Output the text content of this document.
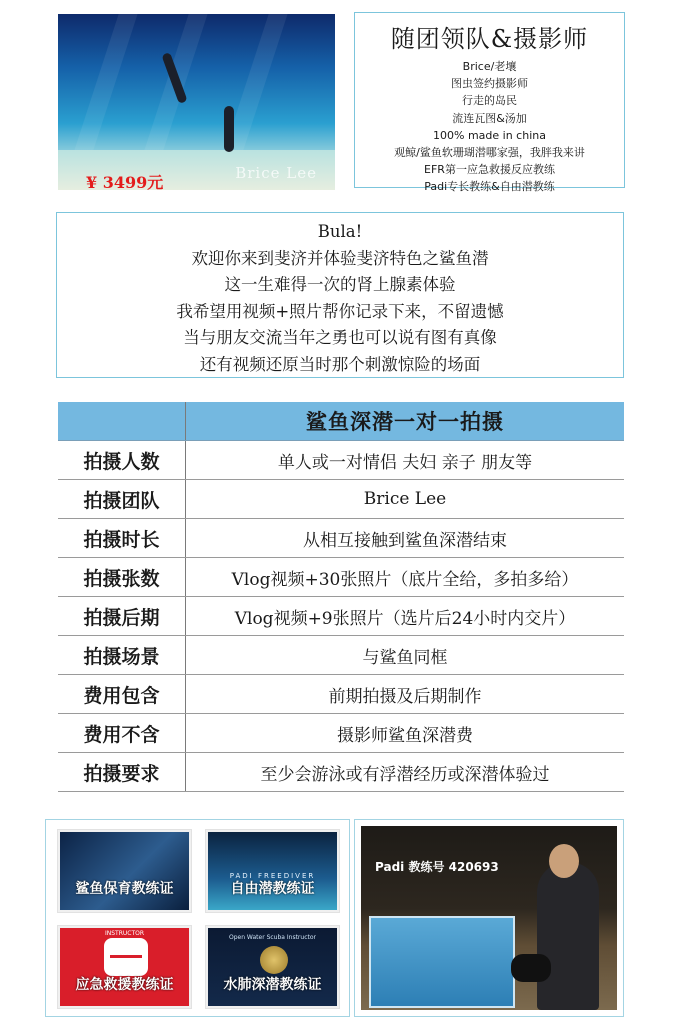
¥ 3499元	Brice Lee
随团领队&摄影师
Brice/老壤
图虫签约摄影师
行走的岛民
流连瓦图&汤加
100% made in china
观鲸/鲨鱼软珊瑚潜哪家强，我胖我来讲
EFR第一应急救援反应教练
Padi专长教练&自由潜教练
Bula!
欢迎你来到斐济并体验斐济特色之鲨鱼潜
这一生难得一次的肾上腺素体验
我希望用视频+照片帮你记录下来，不留遗憾
当与朋友交流当年之勇也可以说有图有真像
还有视频还原当时那个刺激惊险的场面
	鲨鱼深潜一对一拍摄
拍摄人数	单人或一对情侣 夫妇 亲子 朋友等
拍摄团队	Brice Lee
拍摄时长	从相互接触到鲨鱼深潜结束
拍摄张数	Vlog视频+30张照片（底片全给，多拍多给）
拍摄后期	Vlog视频+9张照片（选片后24小时内交片）
拍摄场景	与鲨鱼同框
费用包含	前期拍摄及后期制作
费用不含	摄影师鲨鱼深潜费
拍摄要求	至少会游泳或有浮潜经历或深潜体验过
鲨鱼保育教练证
PADI FREEDIVER
自由潜教练证
INSTRUCTOR
应急救援教练证
Open Water Scuba Instructor
水肺深潜教练证
Padi 教练号 420693
